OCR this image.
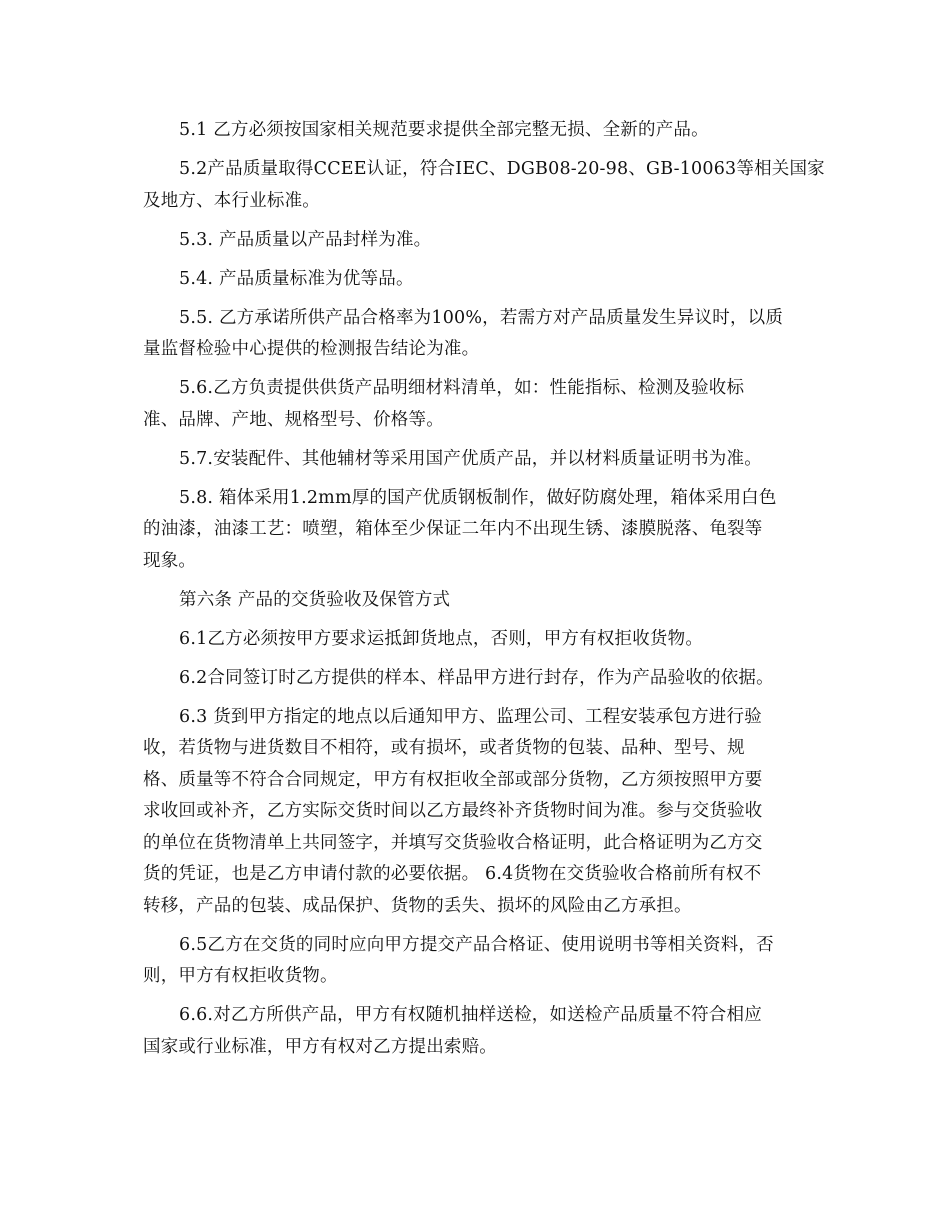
5.1 乙方必须按国家相关规范要求提供全部完整无损、全新的产品。
5.2产品质量取得CCEE认证，符合IEC、DGB08-20-98、GB-10063等相关国家
及地方、本行业标准。
5.3. 产品质量以产品封样为准。
5.4. 产品质量标准为优等品。
5.5. 乙方承诺所供产品合格率为100%，若需方对产品质量发生异议时，以质
量监督检验中心提供的检测报告结论为准。
5.6.乙方负责提供供货产品明细材料清单，如：性能指标、检测及验收标
准、品牌、产地、规格型号、价格等。
5.7.安装配件、其他辅材等采用国产优质产品，并以材料质量证明书为准。
5.8. 箱体采用1.2mm厚的国产优质钢板制作，做好防腐处理，箱体采用白色
的油漆，油漆工艺：喷塑，箱体至少保证二年内不出现生锈、漆膜脱落、龟裂等
现象。
第六条 产品的交货验收及保管方式
6.1乙方必须按甲方要求运抵卸货地点，否则，甲方有权拒收货物。
6.2合同签订时乙方提供的样本、样品甲方进行封存，作为产品验收的依据。
6.3 货到甲方指定的地点以后通知甲方、监理公司、工程安装承包方进行验
收，若货物与进货数目不相符，或有损坏，或者货物的包装、品种、型号、规
格、质量等不符合合同规定，甲方有权拒收全部或部分货物，乙方须按照甲方要
求收回或补齐，乙方实际交货时间以乙方最终补齐货物时间为准。参与交货验收
的单位在货物清单上共同签字，并填写交货验收合格证明，此合格证明为乙方交
货的凭证，也是乙方申请付款的必要依据。 6.4货物在交货验收合格前所有权不
转移，产品的包装、成品保护、货物的丢失、损坏的风险由乙方承担。
6.5乙方在交货的同时应向甲方提交产品合格证、使用说明书等相关资料，否
则，甲方有权拒收货物。
6.6.对乙方所供产品，甲方有权随机抽样送检，如送检产品质量不符合相应
国家或行业标准，甲方有权对乙方提出索赔。
